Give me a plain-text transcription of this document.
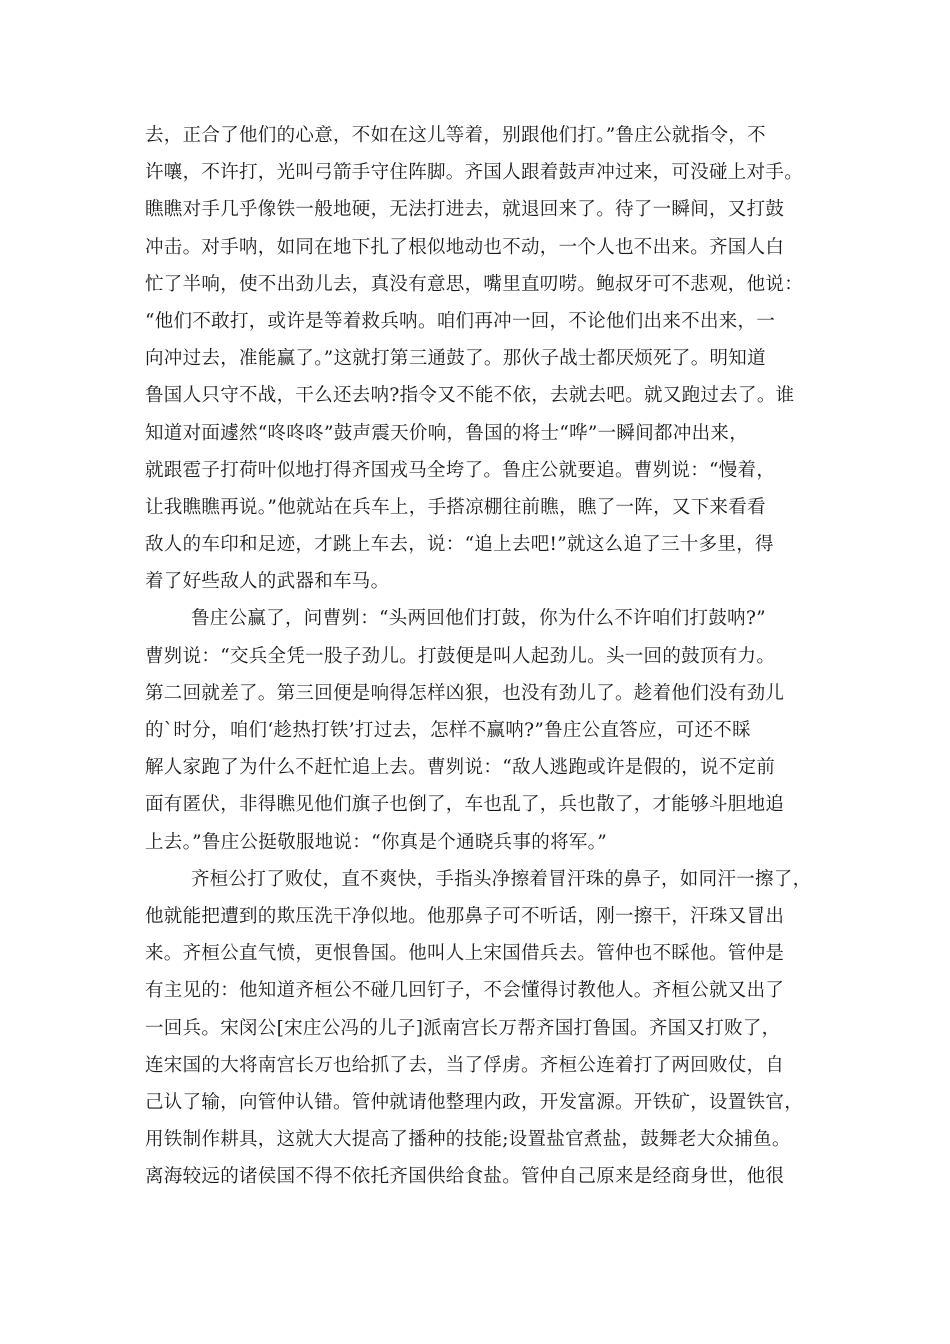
去，正合了他们的心意，不如在这儿等着，别跟他们打。”鲁庄公就指令，不
许嚷，不许打，光叫弓箭手守住阵脚。齐国人跟着鼓声冲过来，可没碰上对手。
瞧瞧对手几乎像铁一般地硬，无法打进去，就退回来了。待了一瞬间，又打鼓
冲击。对手呐，如同在地下扎了根似地动也不动，一个人也不出来。齐国人白
忙了半响，使不出劲儿去，真没有意思，嘴里直叨唠。鲍叔牙可不悲观，他说：
“他们不敢打，或许是等着救兵呐。咱们再冲一回，不论他们出来不出来，一
向冲过去，准能赢了。”这就打第三通鼓了。那伙子战士都厌烦死了。明知道
鲁国人只守不战，干么还去呐?指令又不能不依，去就去吧。就又跑过去了。谁
知道对面遽然“咚咚咚”鼓声震天价响，鲁国的将士“哗”一瞬间都冲出来，
就跟雹子打荷叶似地打得齐国戎马全垮了。鲁庄公就要追。曹刿说：“慢着，
让我瞧瞧再说。”他就站在兵车上，手搭凉棚往前瞧，瞧了一阵，又下来看看
敌人的车印和足迹，才跳上车去，说：“追上去吧!”就这么追了三十多里，得
着了好些敌人的武器和车马。
鲁庄公赢了，问曹刿：“头两回他们打鼓，你为什么不许咱们打鼓呐?”
曹刿说：“交兵全凭一股子劲儿。打鼓便是叫人起劲儿。头一回的鼓顶有力。
第二回就差了。第三回便是响得怎样凶狠，也没有劲儿了。趁着他们没有劲儿
的`时分，咱们‘趁热打铁’打过去，怎样不赢呐?”鲁庄公直答应，可还不睬
解人家跑了为什么不赶忙追上去。曹刿说：“敌人逃跑或许是假的，说不定前
面有匿伏，非得瞧见他们旗子也倒了，车也乱了，兵也散了，才能够斗胆地追
上去。”鲁庄公挺敬服地说：“你真是个通晓兵事的将军。”
齐桓公打了败仗，直不爽快，手指头净擦着冒汗珠的鼻子，如同汗一擦了，
他就能把遭到的欺压洗干净似地。他那鼻子可不听话，刚一擦干，汗珠又冒出
来。齐桓公直气愤，更恨鲁国。他叫人上宋国借兵去。管仲也不睬他。管仲是
有主见的：他知道齐桓公不碰几回钉子，不会懂得讨教他人。齐桓公就又出了
一回兵。宋闵公[宋庄公冯的儿子]派南宫长万帮齐国打鲁国。齐国又打败了，
连宋国的大将南宫长万也给抓了去，当了俘虏。齐桓公连着打了两回败仗，自
己认了输，向管仲认错。管仲就请他整理内政，开发富源。开铁矿，设置铁官，
用铁制作耕具，这就大大提高了播种的技能;设置盐官煮盐，鼓舞老大众捕鱼。
离海较远的诸侯国不得不依托齐国供给食盐。管仲自己原来是经商身世，他很
